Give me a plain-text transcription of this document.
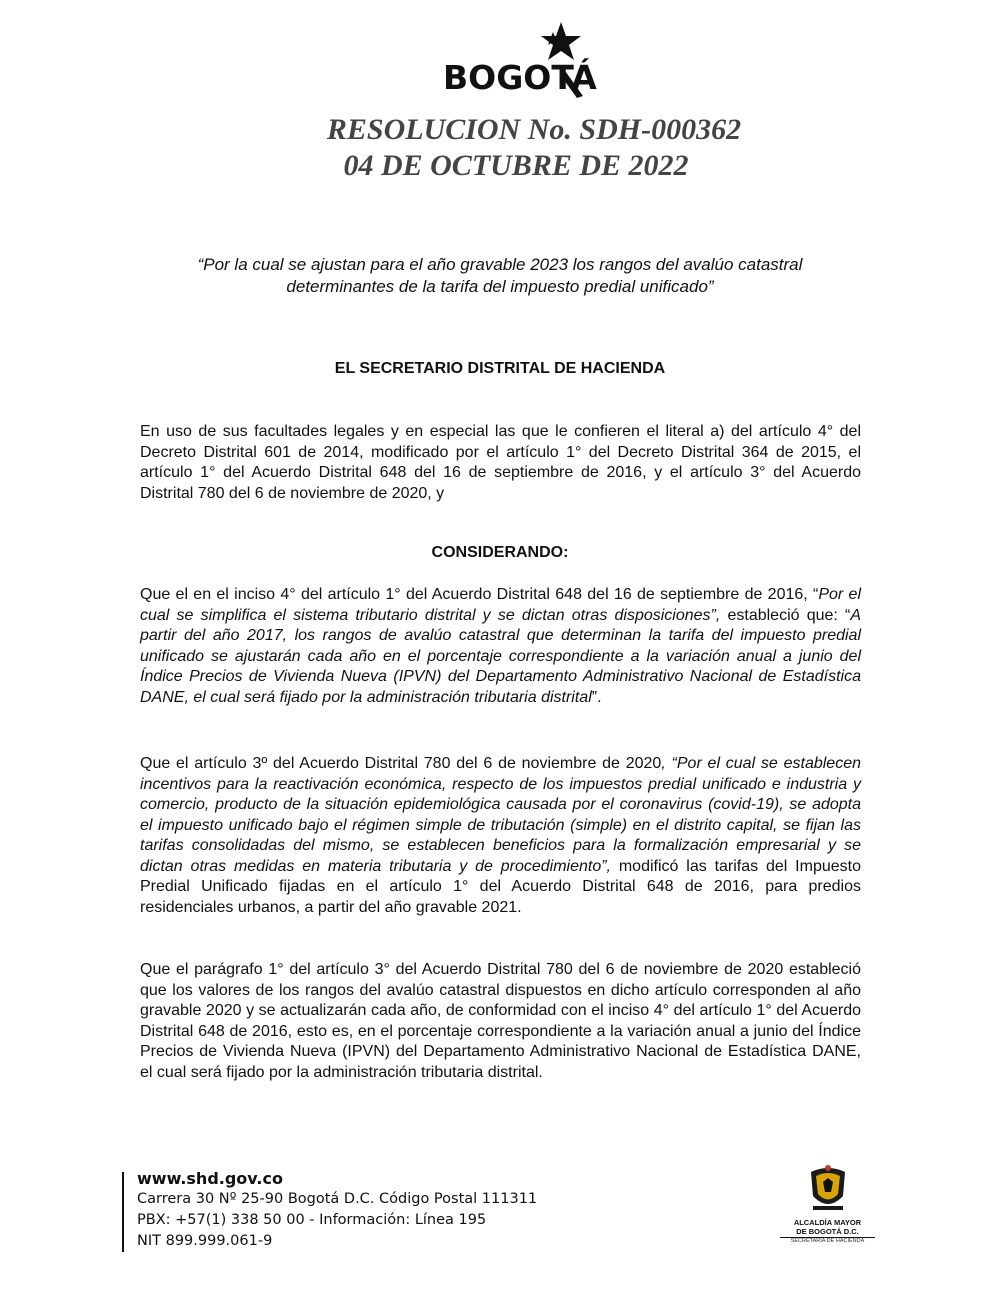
BOGOTÁ
RESOLUCION No. SDH-000362
04 DE OCTUBRE DE 2022
“Por la cual se ajustan para el año gravable 2023 los rangos del avalúo catastral
determinantes de la tarifa del impuesto predial unificado”
EL SECRETARIO DISTRITAL DE HACIENDA
En uso de sus facultades legales y en especial las que le confieren el literal a) del artículo 4° del Decreto Distrital 601 de 2014, modificado por el artículo 1° del Decreto Distrital 364 de 2015, el artículo 1° del Acuerdo Distrital 648 del 16 de septiembre de 2016, y el artículo 3° del Acuerdo Distrital 780 del 6 de noviembre de 2020, y
CONSIDERANDO:
Que el en el inciso 4° del artículo 1° del Acuerdo Distrital 648 del 16 de septiembre de 2016, “Por el cual se simplifica el sistema tributario distrital y se dictan otras disposiciones”, estableció que: “A partir del año 2017, los rangos de avalúo catastral que determinan la tarifa del impuesto predial unificado se ajustarán cada año en el porcentaje correspondiente a la variación anual a junio del Índice Precios de Vivienda Nueva (IPVN) del Departamento Administrativo Nacional de Estadística DANE, el cual será fijado por la administración tributaria distrital”.
Que el artículo 3º del Acuerdo Distrital 780 del 6 de noviembre de 2020, “Por el cual se establecen incentivos para la reactivación económica, respecto de los impuestos predial unificado e industria y comercio, producto de la situación epidemiológica causada por el coronavirus (covid-19), se adopta el impuesto unificado bajo el régimen simple de tributación (simple) en el distrito capital, se fijan las tarifas consolidadas del mismo, se establecen beneficios para la formalización empresarial y se dictan otras medidas en materia tributaria y de procedimiento”, modificó las tarifas del Impuesto Predial Unificado fijadas en el artículo 1° del Acuerdo Distrital 648 de 2016, para predios residenciales urbanos, a partir del año gravable 2021.
Que el parágrafo 1° del artículo 3° del Acuerdo Distrital 780 del 6 de noviembre de 2020 estableció que los valores de los rangos del avalúo catastral dispuestos en dicho artículo corresponden al año gravable 2020 y se actualizarán cada año, de conformidad con el inciso 4° del artículo 1° del Acuerdo Distrital 648 de 2016, esto es, en el porcentaje correspondiente a la variación anual a junio del Índice Precios de Vivienda Nueva (IPVN) del Departamento Administrativo Nacional de Estadística DANE, el cual será fijado por la administración tributaria distrital.
www.shd.gov.co
Carrera 30 Nº 25-90 Bogotá D.C. Código Postal 111311
PBX: +57(1) 338 50 00 - Información: Línea 195
NIT 899.999.061-9
ALCALDÍA MAYOR
DE BOGOTÁ D.C.
SECRETARIA DE HACIENDA
